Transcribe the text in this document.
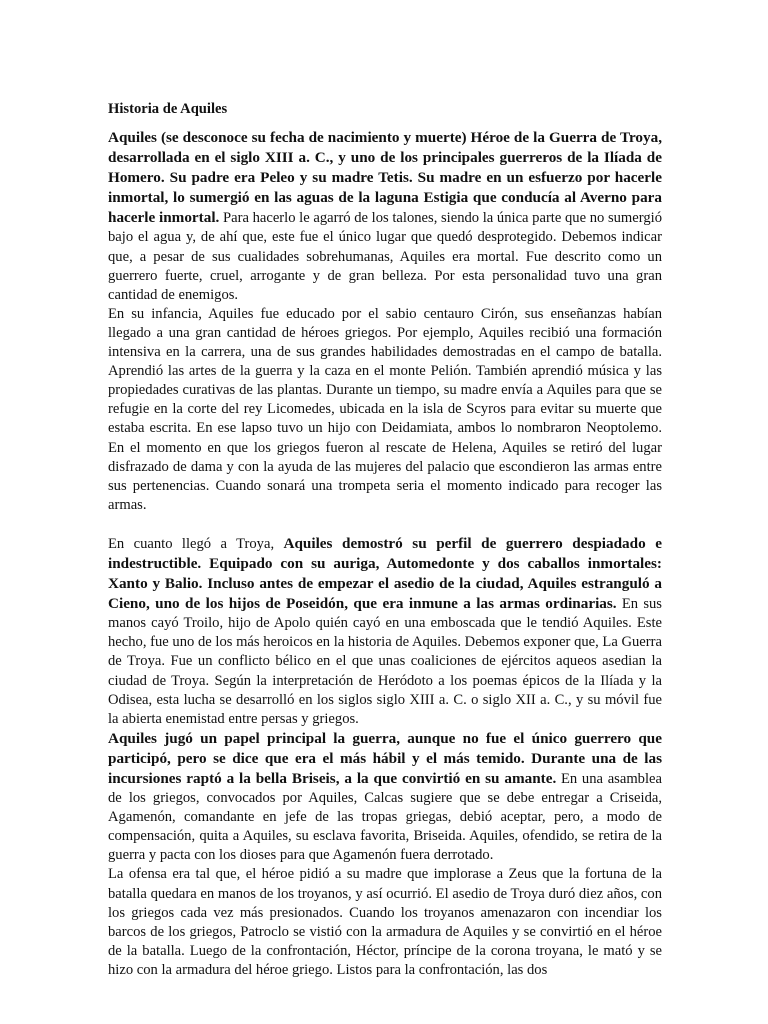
Historia de Aquiles

Aquiles (se desconoce su fecha de nacimiento y muerte) Héroe de la Guerra de Troya, desarrollada en el siglo XIII a. C., y uno de los principales guerreros de la Ilíada de Homero. Su padre era Peleo y su madre Tetis. Su madre en un esfuerzo por hacerle inmortal, lo sumergió en las aguas de la laguna Estigia que conducía al Averno para hacerle inmortal. Para hacerlo le agarró de los talones, siendo la única parte que no sumergió bajo el agua y, de ahí que, este fue el único lugar que quedó desprotegido. Debemos indicar que, a pesar de sus cualidades sobrehumanas, Aquiles era mortal. Fue descrito como un guerrero fuerte, cruel, arrogante y de gran belleza. Por esta personalidad tuvo una gran cantidad de enemigos.

En su infancia, Aquiles fue educado por el sabio centauro Cirón, sus enseñanzas habían llegado a una gran cantidad de héroes griegos. Por ejemplo, Aquiles recibió una formación intensiva en la carrera, una de sus grandes habilidades demostradas en el campo de batalla. Aprendió las artes de la guerra y la caza en el monte Pelión. También aprendió música y las propiedades curativas de las plantas. Durante un tiempo, su madre envía a Aquiles para que se refugie en la corte del rey Licomedes, ubicada en la isla de Scyros para evitar su muerte que estaba escrita. En ese lapso tuvo un hijo con Deidamiata, ambos lo nombraron Neoptolemo. En el momento en que los griegos fueron al rescate de Helena, Aquiles se retiró del lugar disfrazado de dama y con la ayuda de las mujeres del palacio que escondieron las armas entre sus pertenencias. Cuando sonará una trompeta seria el momento indicado para recoger las armas.

En cuanto llegó a Troya, Aquiles demostró su perfil de guerrero despiadado e indestructible. Equipado con su auriga, Automedonte y dos caballos inmortales: Xanto y Balio. Incluso antes de empezar el asedio de la ciudad, Aquiles estranguló a Cieno, uno de los hijos de Poseidón, que era inmune a las armas ordinarias. En sus manos cayó Troilo, hijo de Apolo quién cayó en una emboscada que le tendió Aquiles. Este hecho, fue uno de los más heroicos en la historia de Aquiles. Debemos exponer que, La Guerra de Troya. Fue un conflicto bélico en el que unas coaliciones de ejércitos aqueos asedian la ciudad de Troya. Según la interpretación de Heródoto a los poemas épicos de la Ilíada y la Odisea, esta lucha se desarrolló en los siglos siglo XIII a. C. o siglo XII a. C., y su móvil fue la abierta enemistad entre persas y griegos.

Aquiles jugó un papel principal la guerra, aunque no fue el único guerrero que participó, pero se dice que era el más hábil y el más temido. Durante una de las incursiones raptó a la bella Briseis, a la que convirtió en su amante. En una asamblea de los griegos, convocados por Aquiles, Calcas sugiere que se debe entregar a Criseida, Agamenón, comandante en jefe de las tropas griegas, debió aceptar, pero, a modo de compensación, quita a Aquiles, su esclava favorita, Briseida. Aquiles, ofendido, se retira de la guerra y pacta con los dioses para que Agamenón fuera derrotado.

La ofensa era tal que, el héroe pidió a su madre que implorase a Zeus que la fortuna de la batalla quedara en manos de los troyanos, y así ocurrió. El asedio de Troya duró diez años, con los griegos cada vez más presionados. Cuando los troyanos amenazaron con incendiar los barcos de los griegos, Patroclo se vistió con la armadura de Aquiles y se convirtió en el héroe de la batalla. Luego de la confrontación, Héctor, príncipe de la corona troyana, le mató y se hizo con la armadura del héroe griego. Listos para la confrontación, las dos
